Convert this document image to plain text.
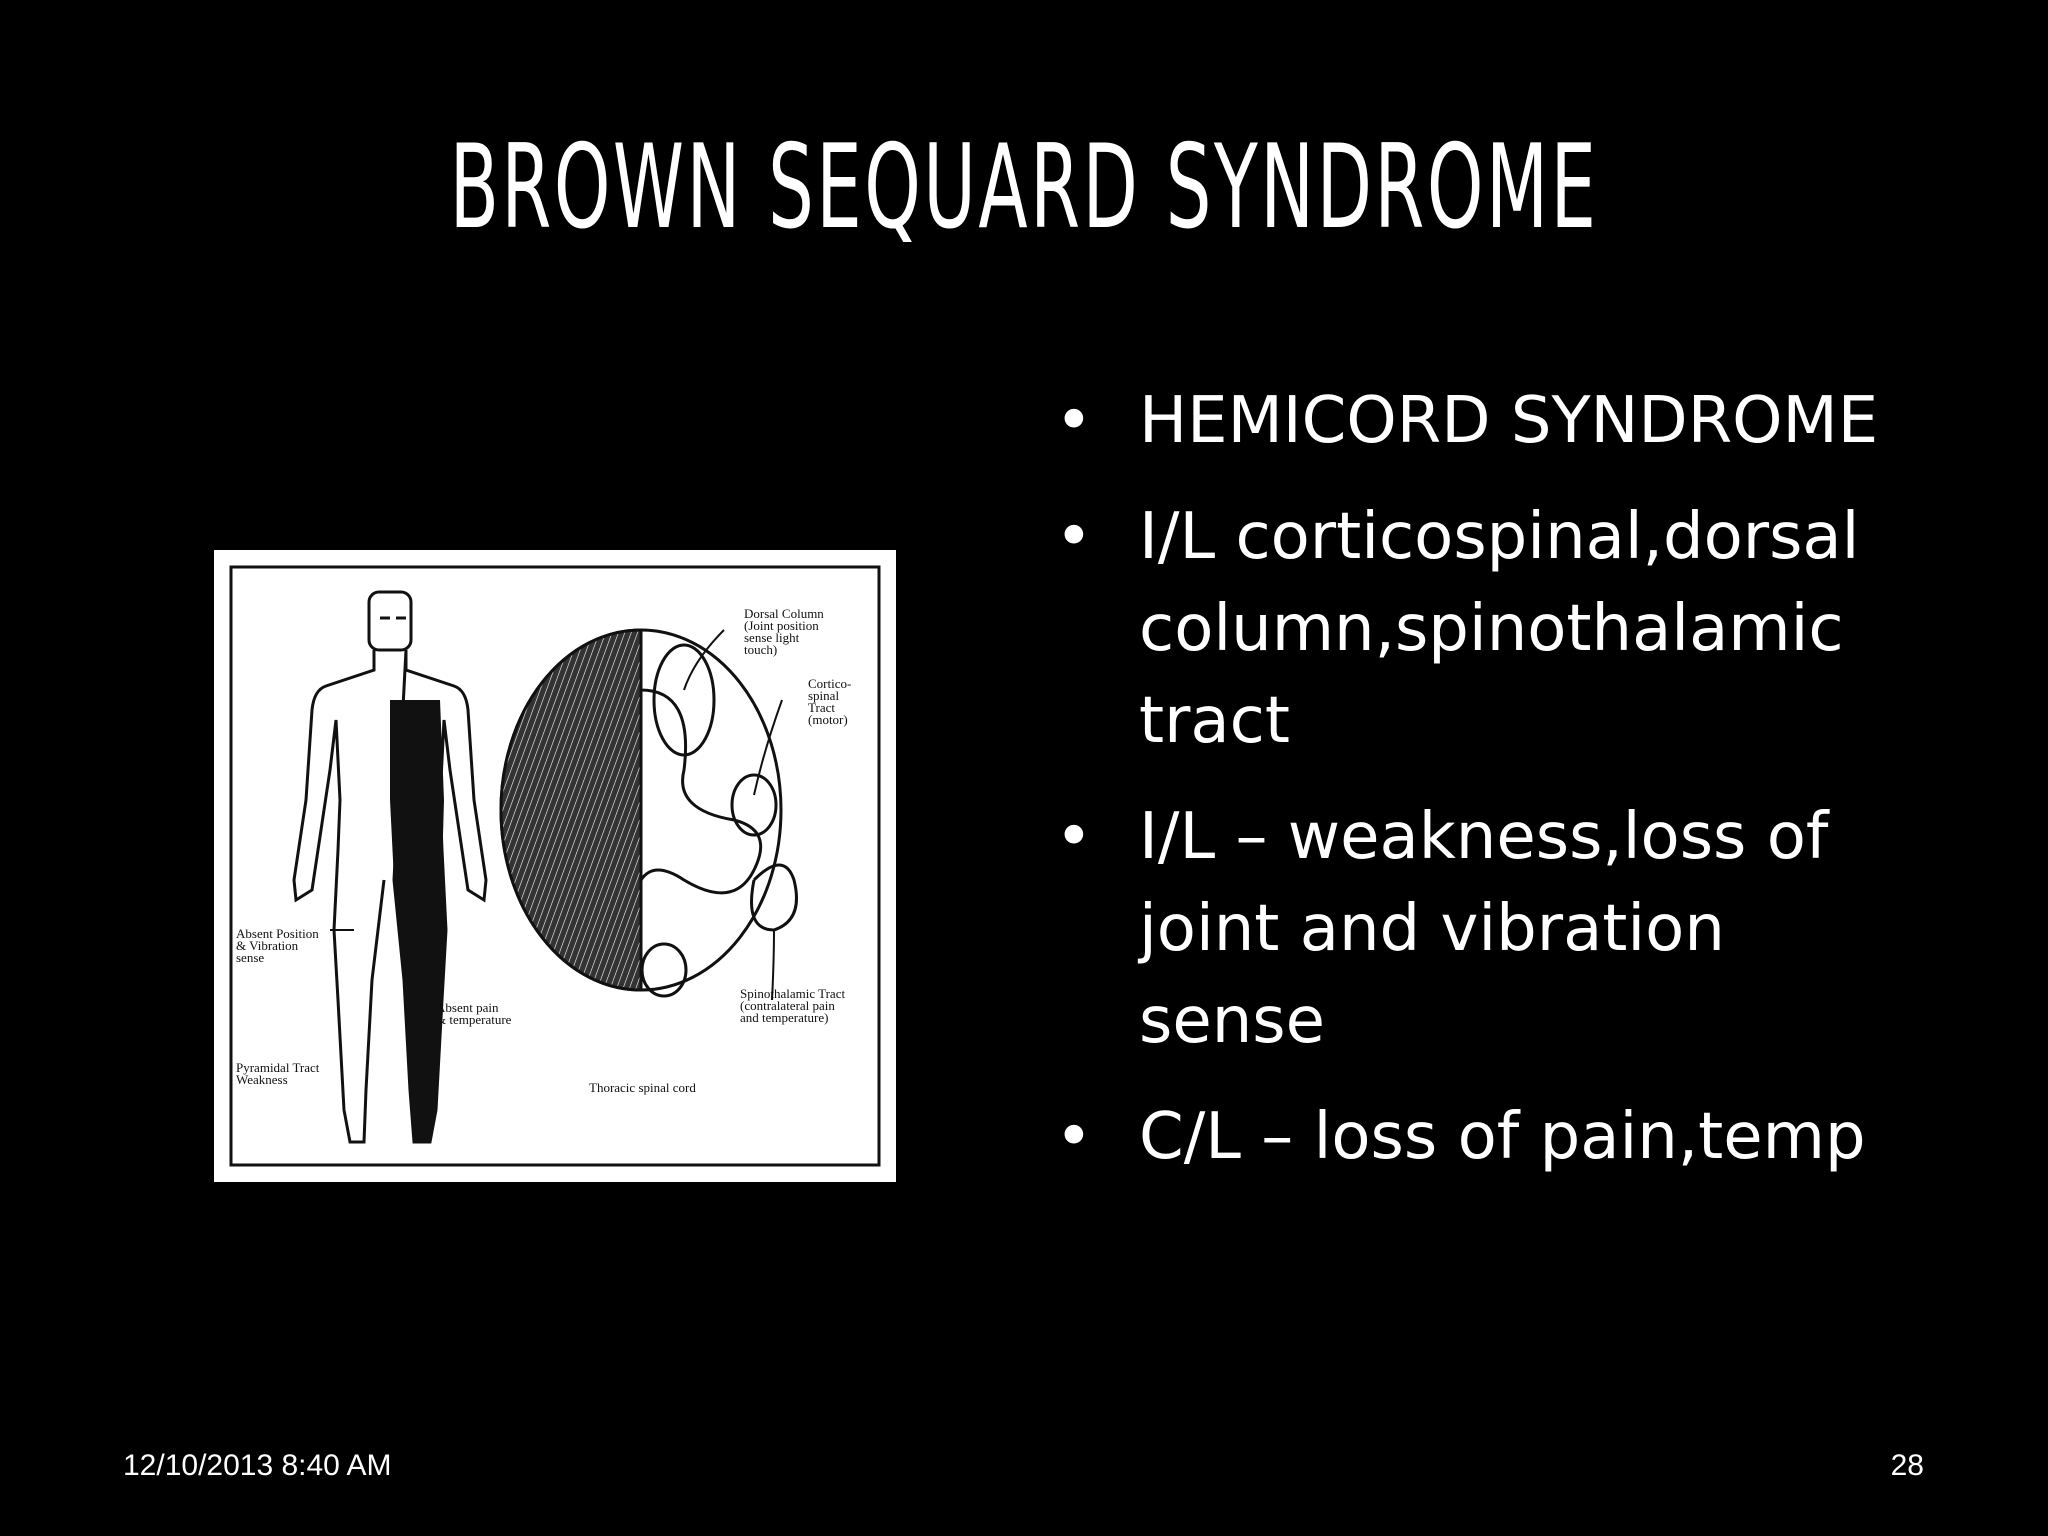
BROWN SEQUARD SYNDROME
Dorsal Column
(Joint position
sense light
touch)
Cortico-
spinal
Tract
(motor)
Absent Position
& Vibration
sense
Absent pain
& temperature
Spinothalamic Tract
(contralateral pain
and temperature)
Pyramidal Tract
Weakness
Thoracic spinal cord
• HEMICORD SYNDROME
• I/L corticospinal,dorsal
column,spinothalamic
tract
• I/L – weakness,loss of
joint and vibration
sense
• C/L – loss of pain,temp
12/10/2013 8:40 AM	28
